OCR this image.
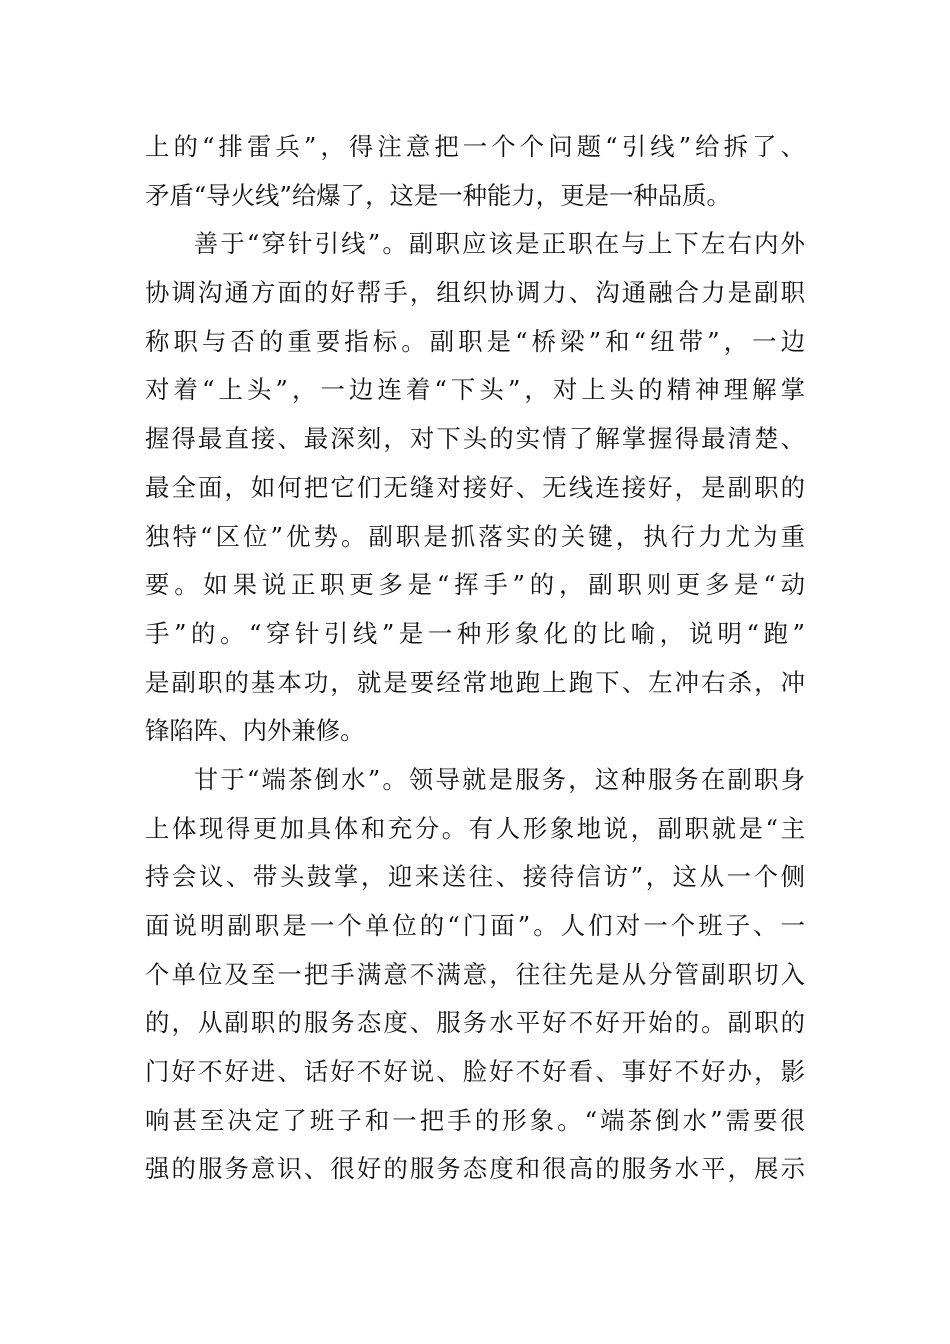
上的“排雷兵”，得注意把一个个问题“引线”给拆了、
矛盾“导火线”给爆了，这是一种能力，更是一种品质。
善于“穿针引线”。副职应该是正职在与上下左右内外
协调沟通方面的好帮手，组织协调力、沟通融合力是副职
称职与否的重要指标。副职是“桥梁”和“纽带”，一边
对着“上头”，一边连着“下头”，对上头的精神理解掌
握得最直接、最深刻，对下头的实情了解掌握得最清楚、
最全面，如何把它们无缝对接好、无线连接好，是副职的
独特“区位”优势。副职是抓落实的关键，执行力尤为重
要。如果说正职更多是“挥手”的，副职则更多是“动
手”的。“穿针引线”是一种形象化的比喻，说明“跑”
是副职的基本功，就是要经常地跑上跑下、左冲右杀，冲
锋陷阵、内外兼修。
甘于“端茶倒水”。领导就是服务，这种服务在副职身
上体现得更加具体和充分。有人形象地说，副职就是“主
持会议、带头鼓掌，迎来送往、接待信访”，这从一个侧
面说明副职是一个单位的“门面”。人们对一个班子、一
个单位及至一把手满意不满意，往往先是从分管副职切入
的，从副职的服务态度、服务水平好不好开始的。副职的
门好不好进、话好不好说、脸好不好看、事好不好办，影
响甚至决定了班子和一把手的形象。“端茶倒水”需要很
强的服务意识、很好的服务态度和很高的服务水平，展示
